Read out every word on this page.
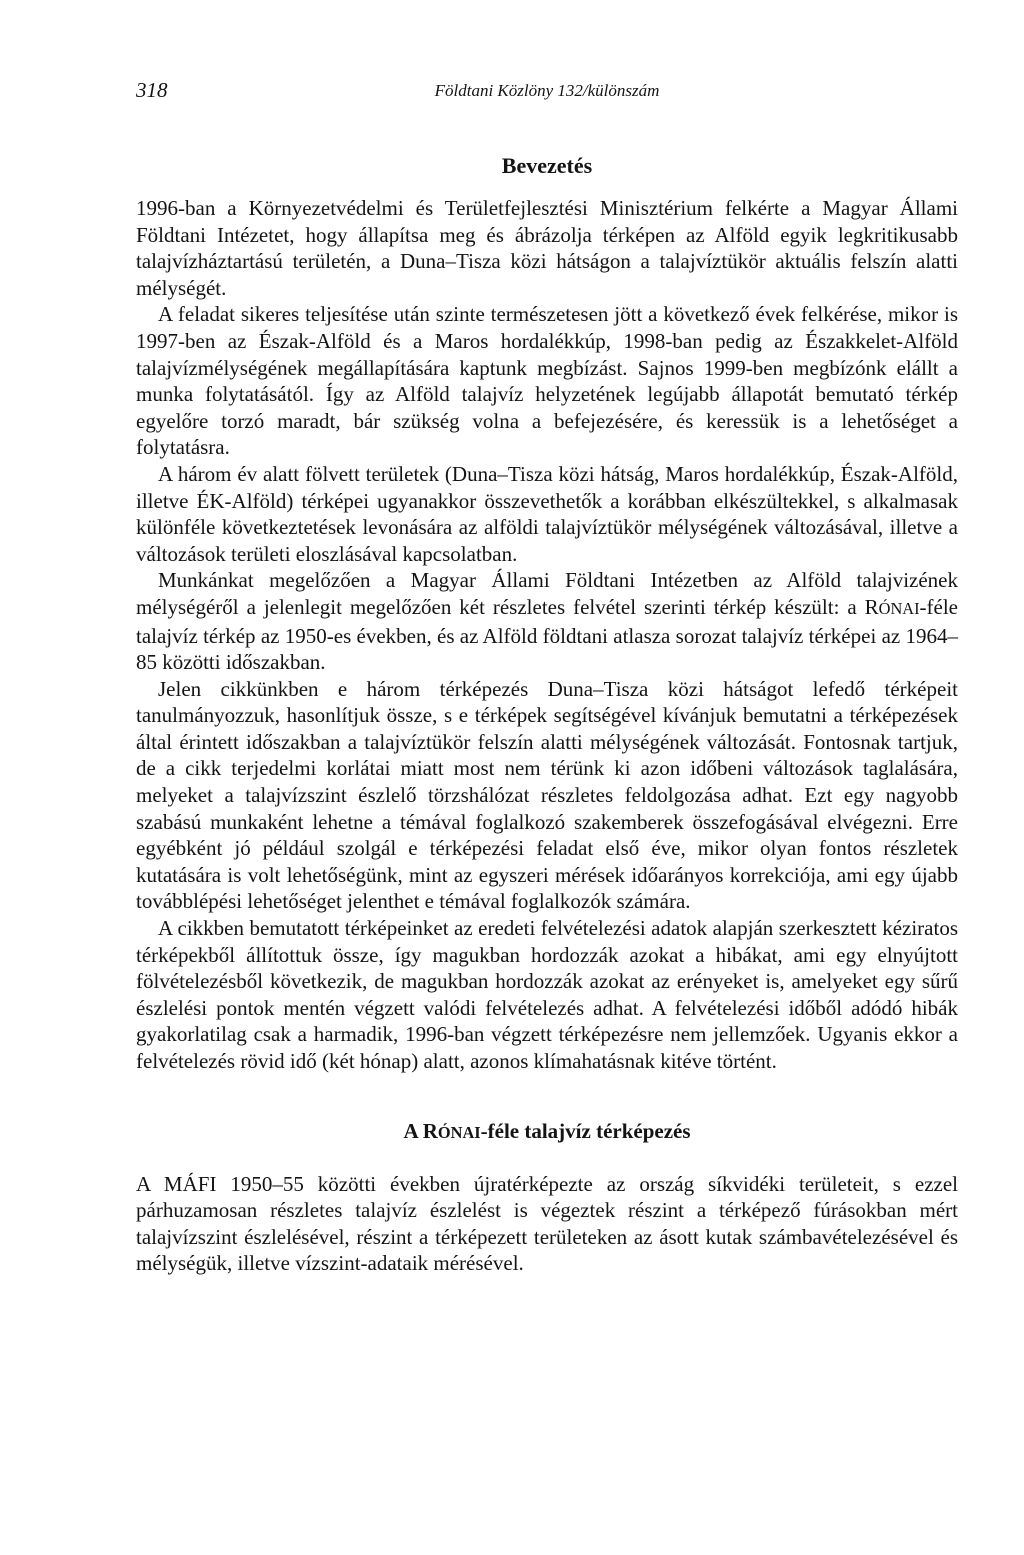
318	Földtani Közlöny 132/különszám
Bevezetés

1996-ban a Környezetvédelmi és Területfejlesztési Minisztérium felkérte a Magyar Állami Földtani Intézetet, hogy állapítsa meg és ábrázolja térképen az Alföld egyik legkritikusabb talajvízháztartású területén, a Duna–Tisza közi hátságon a talajvíztükör aktuális felszín alatti mélységét.

A feladat sikeres teljesítése után szinte természetesen jött a következő évek felkérése, mikor is 1997-ben az Észak-Alföld és a Maros hordalékkúp, 1998-ban pedig az Északkelet-Alföld talajvízmélységének megállapítására kaptunk megbízást. Sajnos 1999-ben megbízónk elállt a munka folytatásától. Így az Alföld talajvíz helyzetének legújabb állapotát bemutató térkép egyelőre torzó maradt, bár szükség volna a befejezésére, és keressük is a lehetőséget a folytatásra.

A három év alatt fölvett területek (Duna–Tisza közi hátság, Maros hordalékkúp, Észak-Alföld, illetve ÉK-Alföld) térképei ugyanakkor összevethetők a korábban elkészültekkel, s alkalmasak különféle következtetések levonására az alföldi talajvíztükör mélységének változásával, illetve a változások területi eloszlásával kapcsolatban.

Munkánkat megelőzően a Magyar Állami Földtani Intézetben az Alföld talajvizének mélységéről a jelenlegit megelőzően két részletes felvétel szerinti térkép készült: a RÓNAI-féle talajvíz térkép az 1950-es években, és az Alföld földtani atlasza sorozat talajvíz térképei az 1964–85 közötti időszakban.

Jelen cikkünkben e három térképezés Duna–Tisza közi hátságot lefedő térképeit tanulmányozzuk, hasonlítjuk össze, s e térképek segítségével kívánjuk bemutatni a térképezések által érintett időszakban a talajvíztükör felszín alatti mélységének változását. Fontosnak tartjuk, de a cikk terjedelmi korlátai miatt most nem térünk ki azon időbeni változások taglalására, melyeket a talajvízszint észlelő törzshálózat részletes feldolgozása adhat. Ezt egy nagyobb szabású munkaként lehetne a témával foglalkozó szakemberek összefogásával elvégezni. Erre egyébként jó például szolgál e térképezési feladat első éve, mikor olyan fontos részletek kutatására is volt lehetőségünk, mint az egyszeri mérések időarányos korrekciója, ami egy újabb továbblépési lehetőséget jelenthet e témával foglalkozók számára.

A cikkben bemutatott térképeinket az eredeti felvételezési adatok alapján szerkesztett kéziratos térképekből állítottuk össze, így magukban hordozzák azokat a hibákat, ami egy elnyújtott fölvételezésből következik, de magukban hordozzák azokat az erényeket is, amelyeket egy sűrű észlelési pontok mentén végzett valódi felvételezés adhat. A felvételezési időből adódó hibák gyakorlatilag csak a harmadik, 1996-ban végzett térképezésre nem jellemzőek. Ugyanis ekkor a felvételezés rövid idő (két hónap) alatt, azonos klímahatásnak kitéve történt.

A RÓNAI-féle talajvíz térképezés

A MÁFI 1950–55 közötti években újratérképezte az ország síkvidéki területeit, s ezzel párhuzamosan részletes talajvíz észlelést is végeztek részint a térképező fúrásokban mért talajvízszint észlelésével, részint a térképezett területeken az ásott kutak számbavételezésével és mélységük, illetve vízszint-adataik mérésével.
